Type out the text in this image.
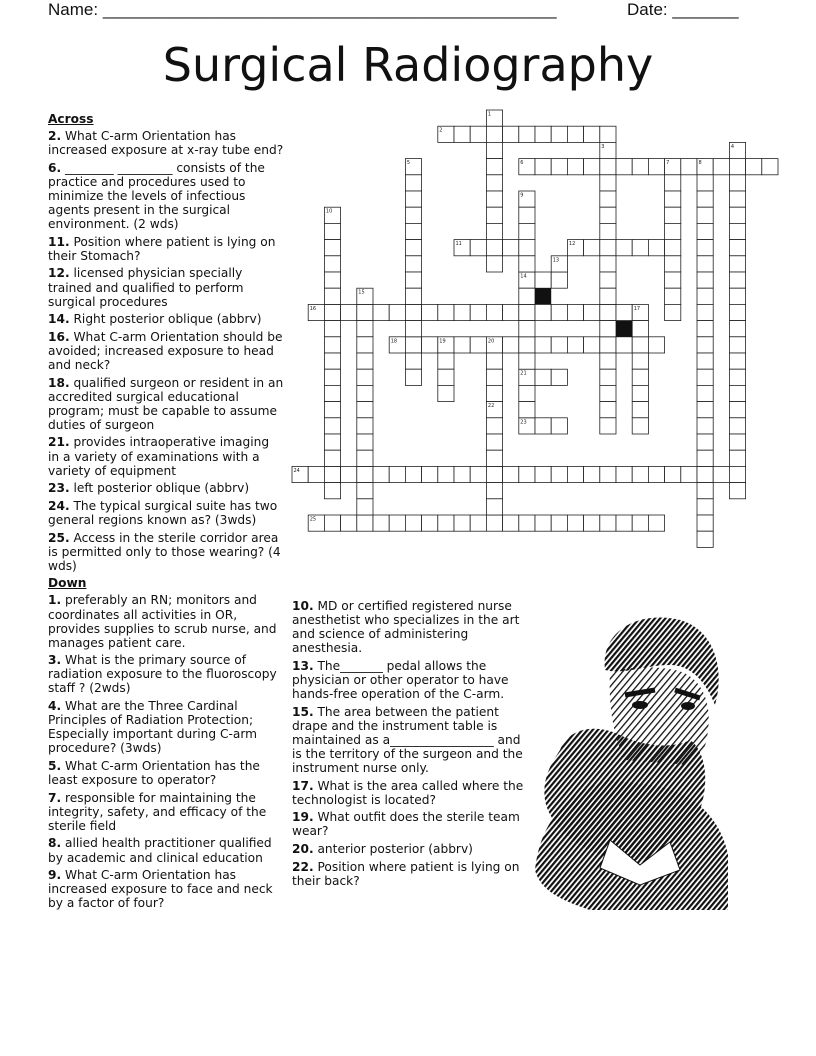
Name: ________________________________________________	Date: _______
Surgical Radiography
Across
2. What C-arm Orientation has increased exposure at x-ray tube end?
6. ________ _________ consists of the practice and procedures used to minimize the levels of infectious agents present in the surgical environment. (2 wds)
11. Position where patient is lying on their Stomach?
12. licensed physician specially trained and qualified to perform surgical procedures
14. Right posterior oblique (abbrv)
16. What C-arm Orientation should be avoided; increased exposure to head and neck?
18. qualified surgeon or resident in an accredited surgical educational program; must be capable to assume duties of surgeon
21. provides intraoperative imaging in a variety of examinations with a variety of equipment
23. left posterior oblique (abbrv)
24. The typical surgical suite has two general regions known as? (3wds)
25. Access in the sterile corridor area is permitted only to those wearing? (4 wds)
Down
1. preferably an RN; monitors and coordinates all activities in OR, provides supplies to scrub nurse, and manages patient care.
3. What is the primary source of radiation exposure to the fluoroscopy staff ? (2wds)
4. What are the Three Cardinal Principles of Radiation Protection; Especially important during C-arm procedure? (3wds)
5. What C-arm Orientation has the least exposure to operator?
7. responsible for maintaining the integrity, safety, and efficacy of the sterile field
8. allied health practitioner qualified by academic and clinical education
9. What C-arm Orientation has increased exposure to face and neck by a factor of four?
10. MD or certified registered nurse anesthetist who specializes in the art and science of administering anesthesia.
13. The_______ pedal allows the physician or other operator to have hands-free operation of the C-arm.
15. The area between the patient drape and the instrument table is maintained as a_________________ and is the territory of the surgeon and the instrument nurse only.
17. What is the area called where the technologist is located?
19. What outfit does the sterile team wear?
20. anterior posterior (abbrv)
22. Position where patient is lying on their back?
2
6
11	12
14
16
18
21
23
24
25
1
3	4
5	7	8
9
10
13
15
17
19	20
22
